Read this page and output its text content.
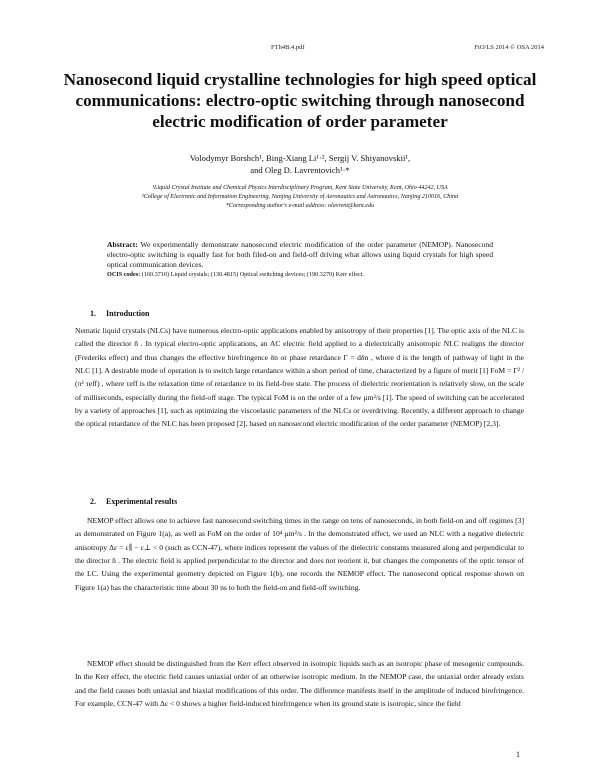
FTh4B.4.pdf	FiO/LS 2014 © OSA 2014
Nanosecond liquid crystalline technologies for high speed optical communications: electro-optic switching through nanosecond electric modification of order parameter
Volodymyr Borshch¹, Bing-Xiang Li¹·², Sergij V. Shiyanovskii¹,
and Oleg D. Lavrentovich¹·*
¹Liquid Crystal Institute and Chemical Physics Interdisciplinary Program, Kent State University, Kent, Ohio 44242, USA
²College of Electronic and Information Engineering, Nanjing University of Aeronautics and Astronautics, Nanjing 210016, China
*Corresponding author's e-mail address: olavrent@kent.edu
Abstract: We experimentally demonstrate nanosecond electric modification of the order parameter (NEMOP). Nanosecond electro-optic switching is equally fast for both filed-on and field-off driving what allows using liquid crystals for high speed optical communication devices.
OCIS codes: (160.3710) Liquid crystals; (130.4815) Optical switching devices; (190.3270) Kerr effect.
1. Introduction

Nematic liquid crystals (NLCs) have numerous electro-optic applications enabled by anisotropy of their properties [1]. The optic axis of the NLC is called the director n̂ . In typical electro-optic applications, an AC electric field applied to a dielectrically anisotropic NLC realigns the director (Frederiks effect) and thus changes the effective birefringence δn or phase retardance Γ = dδn , where d is the length of pathway of light in the NLC [1]. A desirable mode of operation is to switch large retardance within a short period of time, characterized by a figure of merit [1] FoM = Γ² / (π² τeff) , where τeff is the relaxation time of retardance to its field-free state. The process of dielectric reorientation is relatively slow, on the scale of milliseconds, especially during the field-off stage. The typical FoM is on the order of a few μm²/s [1]. The speed of switching can be accelerated by a variety of approaches [1], such as optimizing the viscoelastic parameters of the NLCs or overdriving. Recently, a different approach to change the optical retardance of the NLC has been proposed [2], based on nanosecond electric modification of the order parameter (NEMOP) [2,3].

2. Experimental results

NEMOP effect allows one to achieve fast nanosecond switching times in the range on tens of nanoseconds, in both field-on and off regimes [3] as demonstrated on Figure 1(a), as well as FoM on the order of 10⁴ μm²/s . In the demonstrated effect, we used an NLC with a negative dielectric anisotropy Δε = ε∥ − ε⊥ < 0 (such as CCN-47), where indices represent the values of the dielectric constants measured along and perpendicular to the director n̂ . The electric field is applied perpendicular to the director and does not reorient it, but changes the components of the optic tensor of the LC. Using the experimental geometry depicted on Figure 1(b), one records the NEMOP effect. The nanosecond optical response shown on Figure 1(a) has the characteristic time about 30 ns to both the field-on and field-off switching.

NEMOP effect should be distinguished from the Kerr effect observed in isotropic liquids such as an isotropic phase of mesogenic compounds. In the Kerr effect, the electric field causes uniaxial order of an otherwise isotropic medium. In the NEMOP case, the uniaxial order already exists and the field causes both uniaxial and biaxial modifications of this order. The difference manifests itself in the amplitude of induced birefringence. For example, CCN-47 with Δε < 0 shows a higher field-induced birefringence when its ground state is isotropic, since the field

1
